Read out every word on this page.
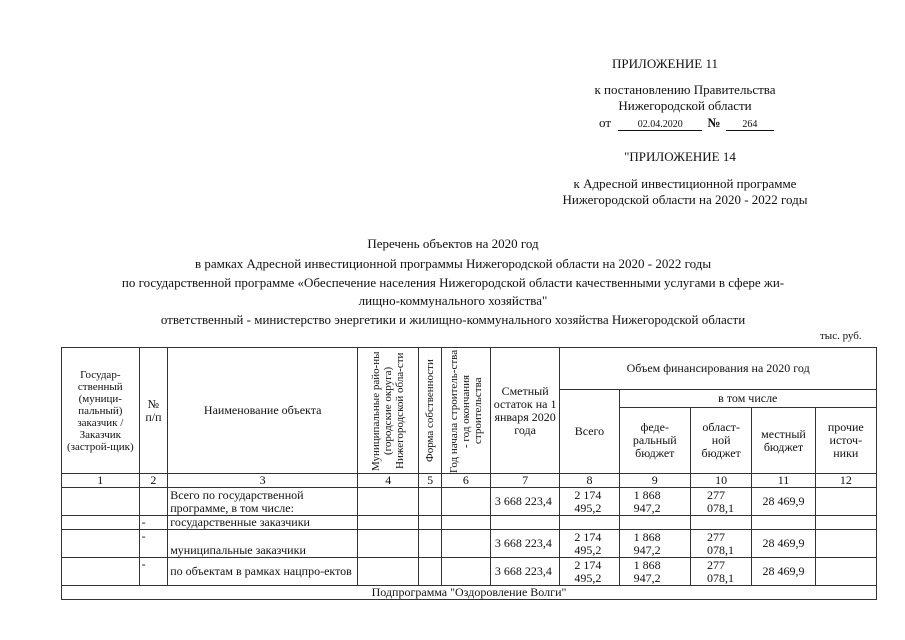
ПРИЛОЖЕНИЕ 11
к постановлению Правительства
Нижегородской области
от	02.04.2020 № 264
"ПРИЛОЖЕНИЕ 14
к Адресной инвестиционной программе
Нижегородской области на 2020 - 2022 годы
Перечень объектов на 2020 год
в рамках Адресной инвестиционной программы Нижегородской области на 2020 - 2022 годы
по государственной программе «Обеспечение населения Нижегородской области качественными услугами в сфере жи-
лищно-коммунального хозяйства"
ответственный - министерство энергетики и жилищно-коммунального хозяйства Нижегородской области
тыс. руб.
Государ-ственный (муници-пальный) заказчик /Заказчик (застрой-щик)	№ п/п	Наименование объекта	Муниципальные райо-ны (городские округа) Нижегородской обла-сти	Форма собственности	Год начала строитель-ства - год окончания строительства	Сметный остаток на 1 января 2020 года	Объем финансирования на 2020 год				
							Всего	в том числе			
								феде-ральный бюджет	област-ной бюджет	местный бюджет	прочие источ-ники
1	2	3	4	5	6	7	8	9	10	11	12
		Всего по государственной программе, в том числе:				3 668 223,4	2 174 495,2	1 868 947,2	277 078,1	28 469,9	
	-	государственные заказчики									
	-	муниципальные заказчики				3 668 223,4	2 174 495,2	1 868 947,2	277 078,1	28 469,9	
	-	по объектам в рамках нацпро-ектов				3 668 223,4	2 174 495,2	1 868 947,2	277 078,1	28 469,9	
Подпрограмма "Оздоровление Волги"											
